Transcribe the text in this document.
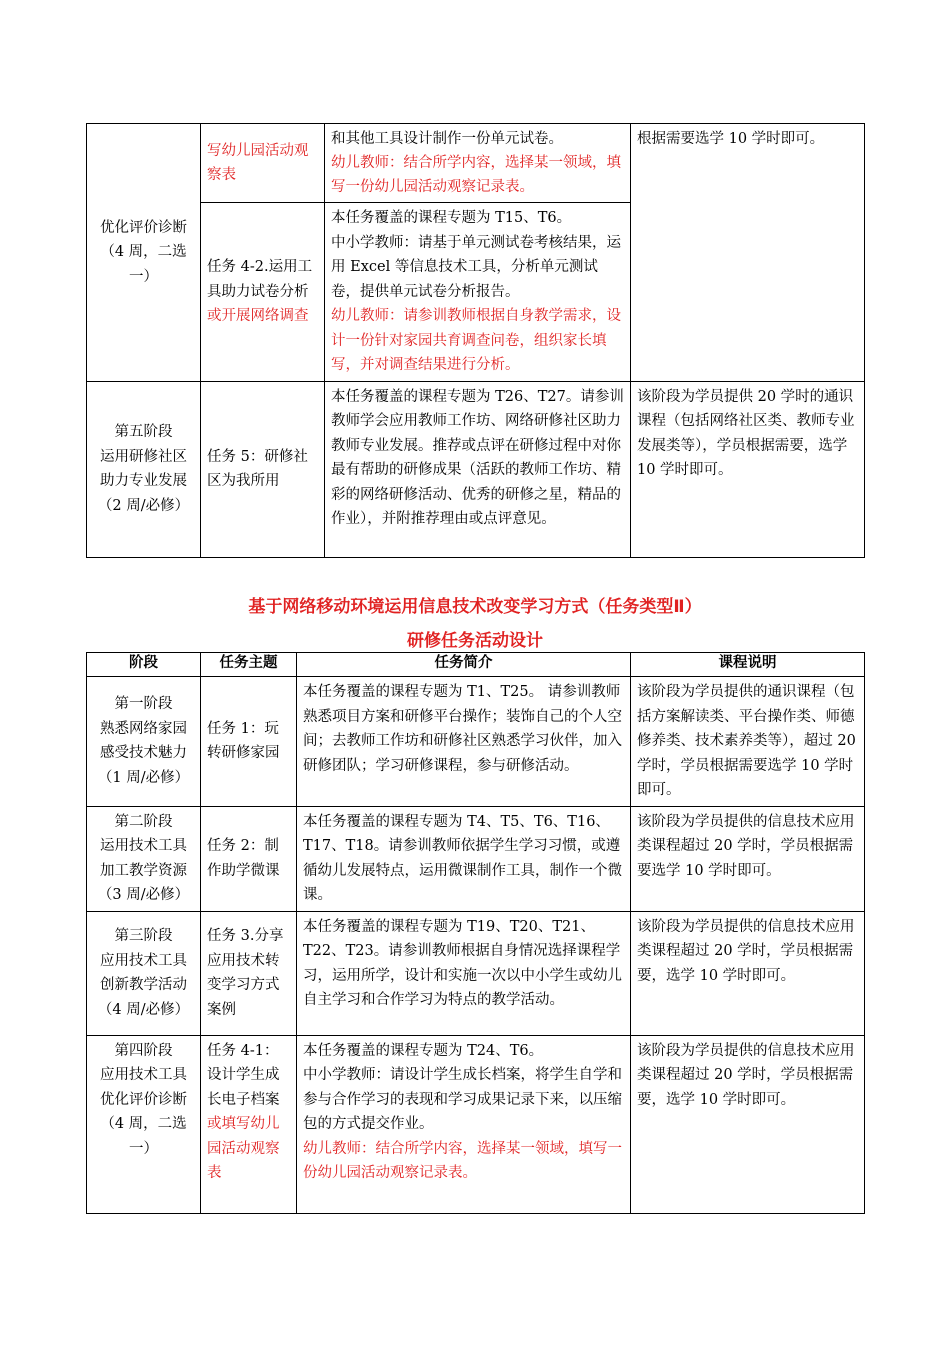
优化评价诊断（4 周，二选一）	写幼儿园活动观察表	和其他工具设计制作一份单元试卷。
幼儿教师：结合所学内容，选择某一领域，填写一份幼儿园活动观察记录表。	根据需要选学 10 学时即可。
	任务 4-2.运用工具助力试卷分析或开展网络调查	本任务覆盖的课程专题为 T15、T6。
中小学教师：请基于单元测试卷考核结果，运用 Excel 等信息技术工具，分析单元测试卷，提供单元试卷分析报告。
幼儿教师：请参训教师根据自身教学需求，设计一份针对家园共育调查问卷，组织家长填写，并对调查结果进行分析。	

第五阶段
运用研修社区助力专业发展
（2 周/必修）	任务 5：研修社区为我所用	本任务覆盖的课程专题为 T26、T27。请参训教师学会应用教师工作坊、网络研修社区助力教师专业发展。推荐或点评在研修过程中对你最有帮助的研修成果（活跃的教师工作坊、精彩的网络研修活动、优秀的研修之星，精品的作业），并附推荐理由或点评意见。	该阶段为学员提供 20 学时的通识课程（包括网络社区类、教师专业发展类等），学员根据需要，选学 10 学时即可。
基于网络移动环境运用信息技术改变学习方式（任务类型Ⅱ）
研修任务活动设计
阶段	任务主题	任务简介	课程说明

第一阶段
熟悉网络家园
感受技术魅力
（1 周/必修）	任务 1：玩转研修家园	本任务覆盖的课程专题为 T1、T25。 请参训教师熟悉项目方案和研修平台操作；装饰自己的个人空间；去教师工作坊和研修社区熟悉学习伙伴，加入研修团队；学习研修课程，参与研修活动。	该阶段为学员提供的通识课程（包括方案解读类、平台操作类、师德修养类、技术素养类等），超过 20 学时，学员根据需要选学 10 学时即可。

第二阶段
运用技术工具
加工教学资源
（3 周/必修）	任务 2：制作助学微课	本任务覆盖的课程专题为 T4、T5、T6、T16、T17、T18。请参训教师依据学生学习习惯，或遵循幼儿发展特点，运用微课制作工具，制作一个微课。	该阶段为学员提供的信息技术应用类课程超过 20 学时，学员根据需要选学 10 学时即可。

第三阶段
应用技术工具
创新教学活动
（4 周/必修）	任务 3.分享应用技术转变学习方式案例	本任务覆盖的课程专题为 T19、T20、T21、T22、T23。请参训教师根据自身情况选择课程学习，运用所学，设计和实施一次以中小学生或幼儿自主学习和合作学习为特点的教学活动。	该阶段为学员提供的信息技术应用类课程超过 20 学时，学员根据需要，选学 10 学时即可。

第四阶段
应用技术工具
优化评价诊断
（4 周，二选一）	任务 4-1：设计学生成长电子档案或填写幼儿园活动观察表	本任务覆盖的课程专题为 T24、T6。
中小学教师：请设计学生成长档案，将学生自学和参与合作学习的表现和学习成果记录下来，以压缩包的方式提交作业。
幼儿教师：结合所学内容，选择某一领域，填写一份幼儿园活动观察记录表。	该阶段为学员提供的信息技术应用类课程超过 20 学时，学员根据需要，选学 10 学时即可。
